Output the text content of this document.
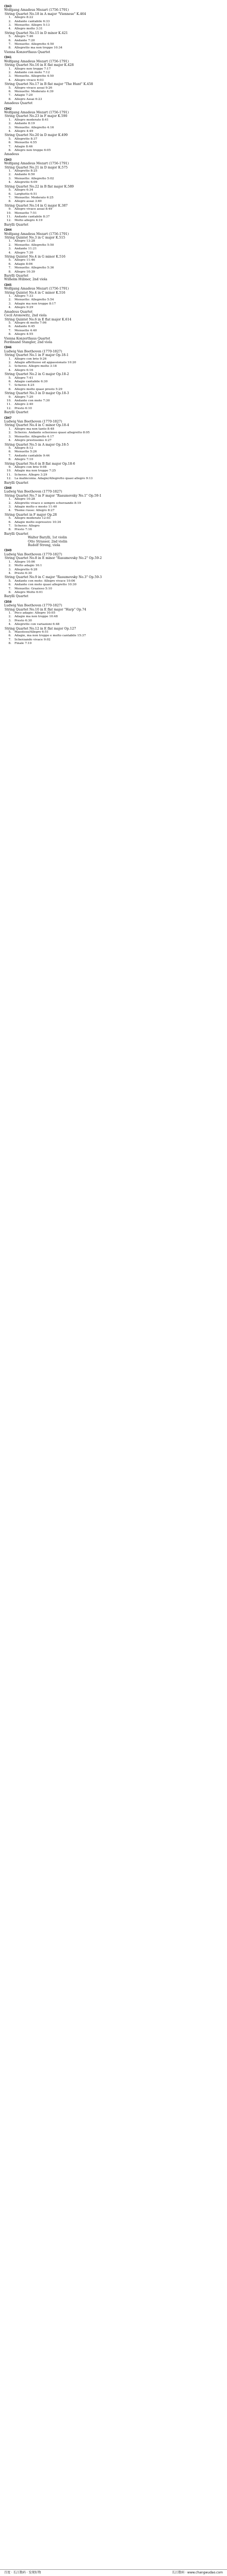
CD43
Wolfgang Amadeus Mozart (1756-1791)
String Quartet No.18 in A major "Viennese" K.464
1. Allegro 8:22
2. Andante cantabile 6:33
3. Menuetto: Allegro 5:13
4. Allegro molto 3:31
String Quartet No.15 in D minor K.421
5. Allegro 7:46
6. Andante 7:20
7. Menuetto: Allegretto 4:50
8. Allegretto ma non troppo 10:34
Vienna Konzerthaus Quartet
CD41
Wolfgang Amadeus Mozart (1756-1791)
String Quartet No.16 in E flat major K.428
1. Allegro non troppo 7:17
2. Andante con moto 7:12
3. Menuetto. Allegretto 4:50
4. Allegro vivace 6:03
String Quartet No.17 in B flat major "The Hunt" K.458
5. Allegro vivace assai 9:26
6. Menuetto: Moderato 4:39
7. Adagio 7:20
8. Allegro Assai 6:23
Amadeus Quartet
CD42
Wolfgang Amadeus Mozart (1756-1791)
String Quartet No.23 in F major K.590
1. Allegro moderato 8:41
2. Andante 8:19
3. Menuetto: Allegretto 4:16
4. Allegro 4:49
String Quartet No.20 in D major K.499
5. Allegretto 8:37
6. Menuetto 4:55
7. Adagio 8:46
8. Allegro non troppo 6:05
Amadeus
CD43
Wolfgang Amadeus Mozart (1756-1791)
String Quartet No.21 in D major K.575
1. Allegretto 8:25
2. Andante 6:50
3. Menuetto: Allegretto 5:02
4. Allegretto 6:09
String Quartet No.22 in B flat major K.589
5. Allegro 6:34
6. Larghetto 6:51
7. Menuetto: Moderato 6:25
8. Allegro assai 3:49
String Quartet No.14 in G major K.387
9. Allegro vivace assai 8:49
10. Menuetto 7:51
11. Andante cantabile 8:37
12. Molto allegro 4:19
Barylli Quartet
CD44
Wolfgang Amadeus Mozart (1756-1791)
String Quintet No.3 in C major K.515
1. Allegro 13:28
2. Menuetto: Allegretto 5:50
3. Andante 11:21
4. Allegro 7:30
String Quintet No.4 in G minor K.516
5. Allegro 11:46
6. Adagio 8:06
7. Menuetto: Allegretto 5:36
8. Allegro 10:39
Barylli Quartet
Wilhelm Hübner, 2nd viola
CD45
Wolfgang Amadeus Mozart (1756-1791)
String Quintet No.4 in C minor K.516
1. Allegro 7:33
2. Menuetto: Allegretto 5:54
3. Adagio ma non troppo 8:17
4. Allegro 9:29
Amadeus Quartet
Cecil Aronowitz, 2nd viola
String Quintet No.6 in E flat major K.614
5. Allegro di molto 7:06
6. Andante 6:45
7. Menuetto 4:40
8. Allegro 4:55
Vienna Konzerthaus Quartet
Ferdinand Stangler, 2nd viola
CD46
Ludwig Van Beethoven (1770-1827)
String Quartet No.1 in F major Op.18-1
1. Allegro con brio 9:26
2. Adagio affettuoso ed appassionato 10:20
3. Scherzo. Allegro molto 3:18
4. Allegro 6:16
String Quartet No.2 in G major Op.18-2
5. Allegro 7:41
6. Adagio cantabile 6:30
7. Scherzo 4:25
8. Allegro molto quasi presto 5:29
String Quartet No.3 in D major Op.18-3
9. Allegro 7:20
10. Andante con moto 7:30
11. Allegro 2:40
12. Presto 6:10
Barylli Quartet
CD47
Ludwig Van Beethoven (1770-1827)
String Quartet No.4 in C minor Op.18-4
1. Allegro ma non tanto 8:48
2. Scherzo. Andante scherzoso quasi allegretto 8:05
3. Menuetto: Allegretto 4:17
4. Allegro prestissimo 4:27
String Quartet No.5 in A major Op.18-5
5. Allegro 8:12
6. Menuetto 5:26
7. Andante cantabile 9:44
8. Allegro 7:10
String Quartet No.6 in B flat major Op.18-6
9. Allegro con brio 9:08
10. Adagio ma non troppo 7:25
11. Scherzo. Allegro 3:29
12. La malinconia. Adagio/Allegretto quasi allegro 9:13
Barylli Quartet
CD48
Ludwig Van Beethoven (1770-1827)
String Quartet No.7 in F major "Rasumovsky No.1" Op.59-1
1. Allegro 10:28
2. Allegretto vivace e sempre scherzando 8:19
3. Adagio molto e mesto 11:40
4. Theme russe: Allegro 8:27
String Quartet in F major Op.28
5. Allegro moderato 12:03
6. Adagio molto espressivo 10:34
7. Scherzo: Allegro
8. Presto 7:16
Barylli Quartet
Walter Barylli, 1st violin
Otto Strasser, 2nd violin
Rudolf Streng, viola
CD49
Ludwig Van Beethoven (1770-1827)
String Quartet No.8 in E minor "Rasumovsky No.2" Op.59-2
1. Allegro 10:06
2. Molto adagio 16:1
3. Allegretto 6:28
4. Presto 6:30
String Quartet No.9 in C major "Rasumovsky No.3" Op.59-3
5. Andante con moto: Allegro vivace 10:06
6. Andante con moto quasi allegretto 10:30
7. Menuetto: Grazioso 5:10
8. Allegro Molto 6:01
Barylli Quartet
CD50
Ludwig Van Beethoven (1770-1827)
String Quartet No.10 in E flat major "Harp" Op.74
1. Poco adagio: Allegro 10:05
2. Adagio ma non troppo 10:48
3. Presto 6:30
4. Allegretto con variazioni 6:48
String Quartet No.12 in E flat major Op.127
5. Maestoso/Allegro 6:51
6. Adagio, ma non troppo e molto cantabile 15:37
7. Scherzando vivace 9:02
8. Finale 7:10
百度 · 长江数码 · 发现好物	长江数码 · www.changwudao.com
